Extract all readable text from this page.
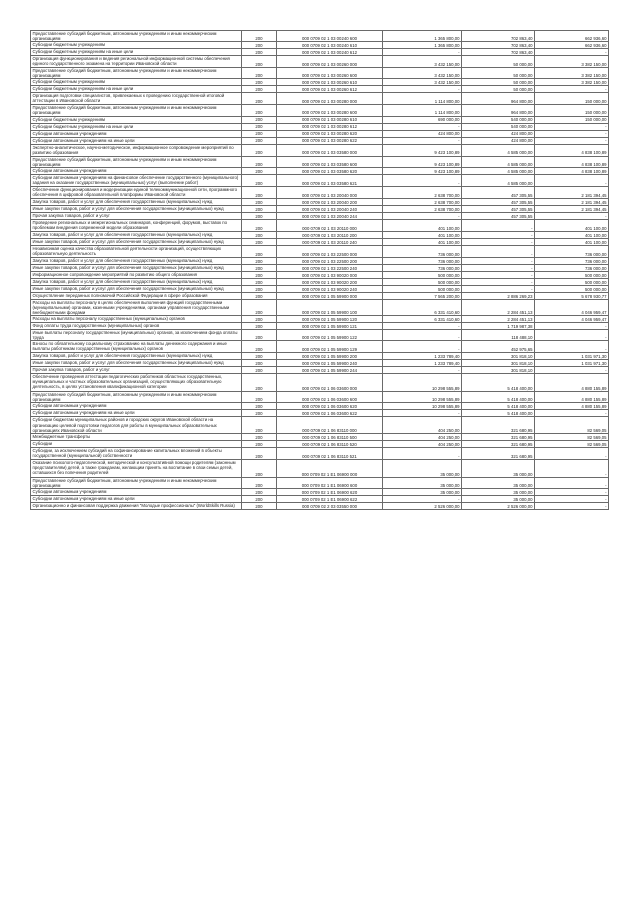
Предоставление субсидий бюджетным, автономным учреждениям и иным некоммерческим организациям	200	000 0709 02 1 03 00240 600	1 365 800,00	702 863,40	662 936,60
Субсидии бюджетным учреждениям	200	000 0709 02 1 03 00240 610	1 365 800,00	702 863,40	662 936,60
Субсидии бюджетным учреждениям на иные цели	200	000 0709 02 1 03 00240 612	-	702 863,40	-
Организация функционирования и ведения региональной информационной системы обеспечения единого государственного экзамена на территории Ивановской области	200	000 0709 02 1 03 00260 000	3 432 150,00	50 000,00	3 382 150,00
Предоставление субсидий бюджетным, автономным учреждениям и иным некоммерческим организациям	200	000 0709 02 1 03 00260 600	3 432 150,00	50 000,00	3 382 150,00
Субсидии бюджетным учреждениям	200	000 0709 02 1 03 00260 610	3 432 150,00	50 000,00	3 382 150,00
Субсидии бюджетным учреждениям на иные цели	200	000 0709 02 1 03 00260 612	-	50 000,00	-
Организация подготовки специалистов, привлекаемых к проведению государственной итоговой аттестации в Ивановской области	200	000 0709 02 1 03 00280 000	1 114 800,00	964 800,00	150 000,00
Предоставление субсидий бюджетным, автономным учреждениям и иным некоммерческим организациям	200	000 0709 02 1 03 00280 600	1 114 800,00	964 800,00	150 000,00
Субсидии бюджетным учреждениям	200	000 0709 02 1 03 00280 610	690 000,00	540 000,00	150 000,00
Субсидии бюджетным учреждениям на иные цели	200	000 0709 02 1 03 00280 612	-	540 000,00	-
Субсидии автономным учреждениям	200	000 0709 02 1 03 00280 620	424 800,00	424 800,00	-
Субсидии автономным учреждениям на иные цели	200	000 0709 02 1 03 00280 622	-	424 800,00	-
Экспертно-аналитическое, научно-методическое, информационное сопровождение мероприятий по развитию образования	200	000 0709 02 1 03 03580 000	9 423 100,89	4 585 000,00	4 838 100,89
Предоставление субсидий бюджетным, автономным учреждениям и иным некоммерческим организациям	200	000 0709 02 1 03 03580 600	9 423 100,89	4 585 000,00	4 838 100,89
Субсидии автономным учреждениям	200	000 0709 02 1 03 03580 620	9 423 100,89	4 585 000,00	4 838 100,89
Субсидии автономным учреждениям на финансовое обеспечение государственного (муниципального) задания на оказание государственных (муниципальных) услуг (выполнение работ)	200	000 0709 02 1 03 03580 621	-	4 585 000,00	-
Обеспечение функционирования и модернизации единой телекоммуникационной сети, программного обеспечения в цифровой образовательной платформы Ивановской области	200	000 0709 02 1 03 20040 000	2 638 700,00	457 305,55	2 181 394,45
Закупка товаров, работ и услуг для обеспечения государственных (муниципальных) нужд	200	000 0709 02 1 03 20040 200	2 638 700,00	457 305,55	2 181 394,45
Иные закупки товаров, работ и услуг для обеспечения государственных (муниципальных) нужд	200	000 0709 02 1 03 20040 240	2 638 700,00	457 305,55	2 181 394,45
Прочая закупка товаров, работ и услуг	200	000 0709 02 1 03 20040 244	-	457 305,55	-
Проведение региональных и межрегиональных семинаров, конференций, форумов, выставок по проблемам внедрения современной модели образования	200	000 0709 02 1 03 20110 000	401 100,00	-	401 100,00
Закупка товаров, работ и услуг для обеспечения государственных (муниципальных) нужд	200	000 0709 02 1 03 20110 200	401 100,00	-	401 100,00
Иные закупки товаров, работ и услуг для обеспечения государственных (муниципальных) нужд	200	000 0709 02 1 03 20110 240	401 100,00	-	401 100,00
Независимая оценка качества образовательной деятельности организаций, осуществляющих образовательную деятельность	200	000 0709 02 1 03 22500 000	736 000,00	-	736 000,00
Закупка товаров, работ и услуг для обеспечения государственных (муниципальных) нужд	200	000 0709 02 1 03 22500 200	736 000,00	-	736 000,00
Иные закупки товаров, работ и услуг для обеспечения государственных (муниципальных) нужд	200	000 0709 02 1 03 22500 240	736 000,00	-	736 000,00
Информационное сопровождение мероприятий по развитию общего образования	200	000 0709 02 1 03 90020 000	500 000,00	-	500 000,00
Закупка товаров, работ и услуг для обеспечения государственных (муниципальных) нужд	200	000 0709 02 1 03 90020 200	500 000,00	-	500 000,00
Иные закупки товаров, работ и услуг для обеспечения государственных (муниципальных) нужд	200	000 0709 02 1 03 90020 240	500 000,00	-	500 000,00
Осуществление переданных полномочий Российской Федерации в сфере образования	200	000 0709 02 1 05 59900 000	7 565 200,00	2 886 269,23	5 678 930,77
Расходы на выплаты персоналу в целях обеспечения выполнения функций государственными (муниципальными) органами, казенными учреждениями, органами управления государственными внебюджетными фондами	200	000 0709 02 1 05 59900 100	6 331 410,60	2 284 451,13	4 046 959,47
Расходы на выплаты персоналу государственных (муниципальных) органов	200	000 0709 02 1 05 59900 120	6 331 410,60	2 284 451,13	4 046 959,47
Фонд оплаты труда государственных (муниципальных) органов	200	000 0709 02 1 05 59900 121	-	1 719 987,38	-
Иные выплаты персоналу государственных (муниципальных) органов, за исключением фонда оплаты труда	200	000 0709 02 1 05 59900 122	-	118 488,10	-
Взносы по обязательному социальному страхованию на выплаты денежного содержания и иные выплаты работникам государственных (муниципальных) органов	200	000 0709 02 1 05 59900 129	-	452 975,65	-
Закупка товаров, работ и услуг для обеспечения государственных (муниципальных) нужд	200	000 0709 02 1 05 59900 200	1 233 789,40	301 818,10	1 031 971,30
Иные закупки товаров, работ и услуг для обеспечения государственных (муниципальных) нужд	200	000 0709 02 1 05 59900 240	1 233 789,40	301 818,10	1 031 971,30
Прочая закупка товаров, работ и услуг	200	000 0709 02 1 05 59900 244	-	301 818,10	-
Обеспечение проведения аттестации педагогических работников областных государственных, муниципальных и частных образовательных организаций, осуществляющих образовательную деятельность, в целях установления квалификационной категории	200	000 0709 02 1 06 03600 000	10 298 555,89	5 418 400,00	4 880 155,89
Предоставление субсидий бюджетным, автономным учреждениям и иным некоммерческим организациям	200	000 0709 02 1 06 03600 600	10 298 555,89	5 418 400,00	4 880 155,89
Субсидии автономным учреждениям	200	000 0709 02 1 06 03600 620	10 298 555,89	5 418 400,00	4 880 155,89
Субсидии автономным учреждениям на иные цели	200	000 0709 02 1 06 03600 622	-	5 418 400,00	-
Субсидии бюджетам муниципальных районов и городских округов Ивановской области на организацию целевой подготовки педагогов для работы в муниципальных образовательных организациях Ивановской области	200	000 0709 02 1 06 83110 000	404 250,00	321 680,95	82 569,05
Межбюджетные трансферты	200	000 0709 02 1 06 83110 500	404 250,00	321 680,95	82 569,05
Субсидии	200	000 0709 02 1 06 83110 520	404 250,00	321 680,95	82 569,05
Субсидии, за исключением субсидий на софинансирование капитальных вложений в объекты государственной (муниципальной) собственности	200	000 0709 02 1 06 83110 521	-	321 680,95	-
Оказание психолого-педагогической, методической и консультативной помощи родителям (законным представителям) детей, а также гражданам, желающим принять на воспитание в свои семьи детей, оставшихся без попечения родителей	200	000 0709 02 1 Е1 06900 000	35 000,00	35 000,00	-
Предоставление субсидий бюджетным, автономным учреждениям и иным некоммерческим организациям	200	000 0709 02 1 Е1 06900 600	35 000,00	35 000,00	-
Субсидии автономным учреждениям	200	000 0709 02 1 Е1 06900 620	35 000,00	35 000,00	-
Субсидии автономным учреждениям на иные цели	200	000 0709 02 1 Е1 06900 622	-	35 000,00	-
Организационно и финансовая поддержка движения "Молодые профессионалы" (WorldSkills Russia)	200	000 0709 02 2 03 03550 000	2 526 000,00	2 526 000,00	-
